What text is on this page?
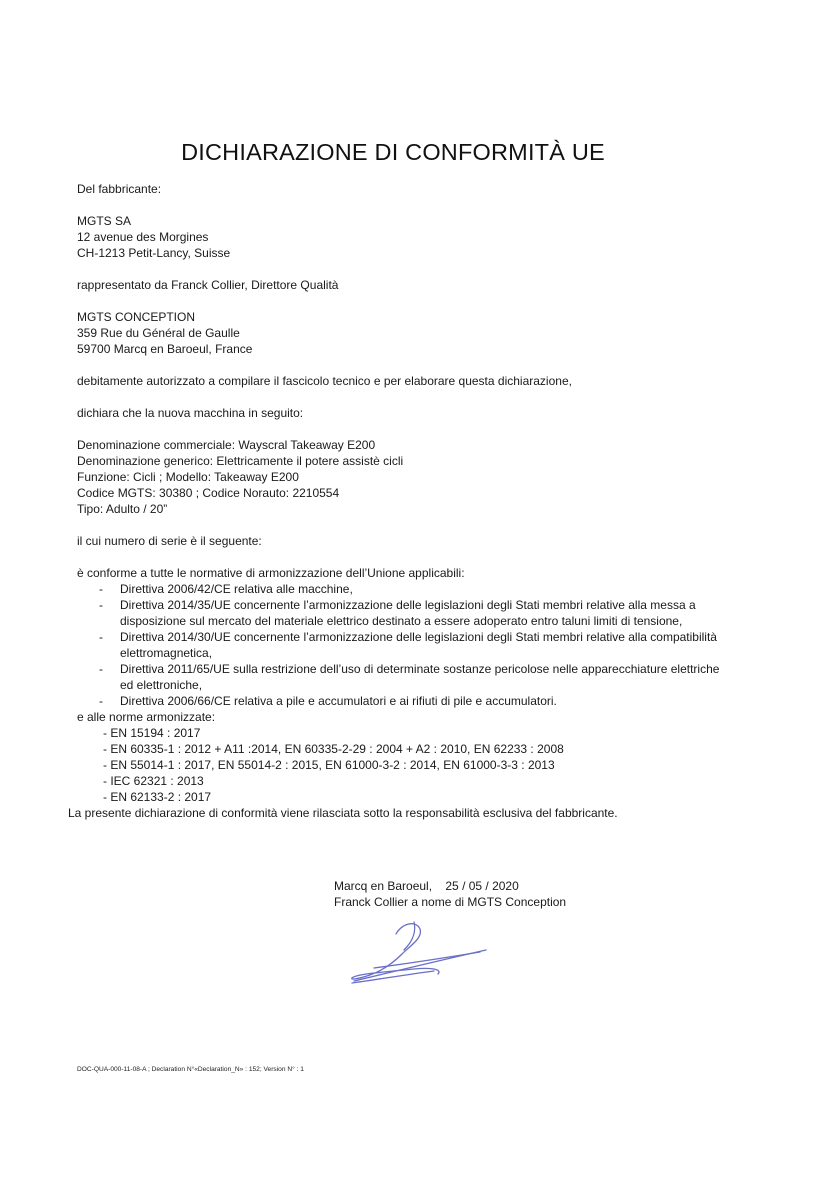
DICHIARAZIONE DI CONFORMITÀ UE

Del fabbricante:

MGTS SA

12 avenue des Morgines

CH-1213 Petit-Lancy, Suisse

rappresentato da Franck Collier, Direttore Qualità

MGTS CONCEPTION

359 Rue du Général de Gaulle

59700 Marcq en Baroeul, France

debitamente autorizzato a compilare il fascicolo tecnico e per elaborare questa dichiarazione,

dichiara che la nuova macchina in seguito:

Denominazione commerciale: Wayscral Takeaway E200

Denominazione generico: Elettricamente il potere assistè cicli

Funzione: Cicli ; Modello: Takeaway E200

Codice MGTS: 30380 ; Codice Norauto: 2210554

Tipo: Adulto / 20”

il cui numero di serie è il seguente:

è conforme a tutte le normative di armonizzazione dell’Unione applicabili:

- Direttiva 2006/42/CE relativa alle macchine,
- Direttiva 2014/35/UE concernente l’armonizzazione delle legislazioni degli Stati membri relative alla messa a disposizione sul mercato del materiale elettrico destinato a essere adoperato entro taluni limiti di tensione,
- Direttiva 2014/30/UE concernente l’armonizzazione delle legislazioni degli Stati membri relative alla compatibilità elettromagnetica,
- Direttiva 2011/65/UE sulla restrizione dell’uso di determinate sostanze pericolose nelle apparecchiature elettriche ed elettroniche,
- Direttiva 2006/66/CE relativa a pile e accumulatori e ai rifiuti di pile e accumulatori.

e alle norme armonizzate:

- EN 15194 : 2017
- EN 60335-1 : 2012 + A11 :2014, EN 60335-2-29 : 2004 + A2 : 2010, EN 62233 : 2008
- EN 55014-1 : 2017, EN 55014-2 : 2015, EN 61000-3-2 : 2014, EN 61000-3-3 : 2013
- IEC 62321 : 2013
- EN 62133-2 : 2017

La presente dichiarazione di conformità viene rilasciata sotto la responsabilità esclusiva del fabbricante.

Marcq en Baroeul,    25 / 05 / 2020

Franck Collier a nome di MGTS Conception

DOC-QUA-000-11-08-A ; Declaration N°«Declaration_N» : 152; Version N° : 1
